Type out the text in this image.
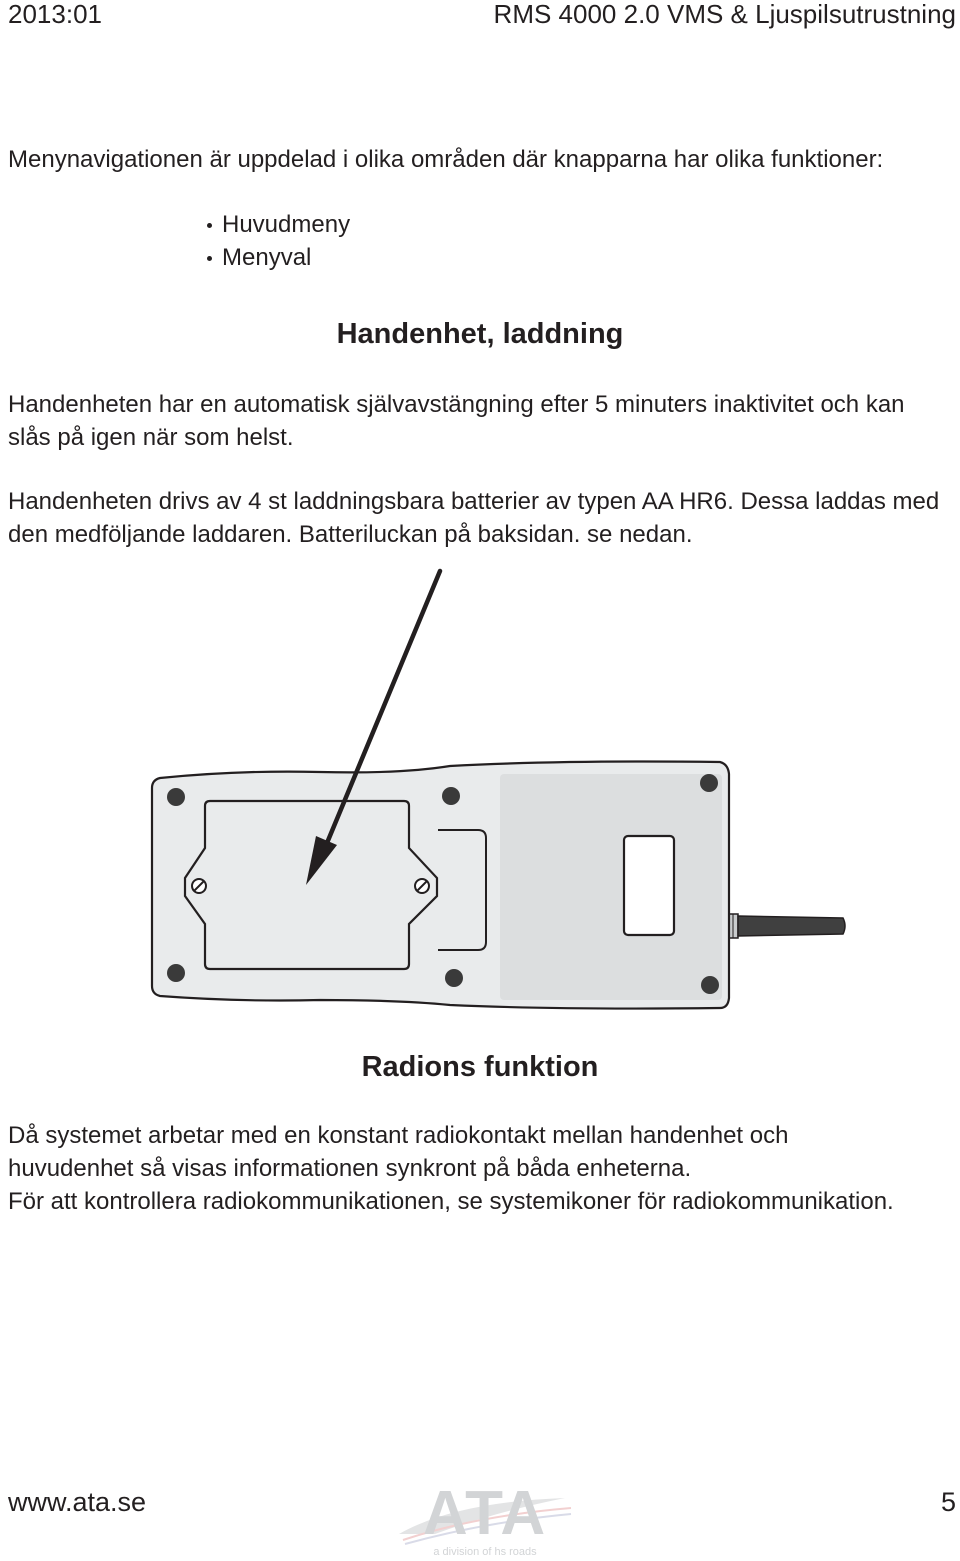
2013:01	RMS 4000 2.0 VMS & Ljuspilsutrustning

Menynavigationen är uppdelad i olika områden där knapparna har olika funktioner:

Huvudmeny
Menyval
Handenhet, laddning

Handenheten har en automatisk självavstängning efter 5 minuters inaktivitet och kan slås på igen när som helst.

Handenheten drivs av 4 st laddningsbara batterier av typen AA HR6. Dessa laddas med den medföljande laddaren. Batteriluckan på baksidan. se nedan.

Radions funktion

Då systemet arbetar med en konstant radiokontakt mellan handenhet och huvudenhet så visas informationen synkront på båda enheterna.

För att kontrollera radiokommunikationen, se systemikoner för radiokommunikation.

www.ata.se	ATA
a division of hs roads
5
